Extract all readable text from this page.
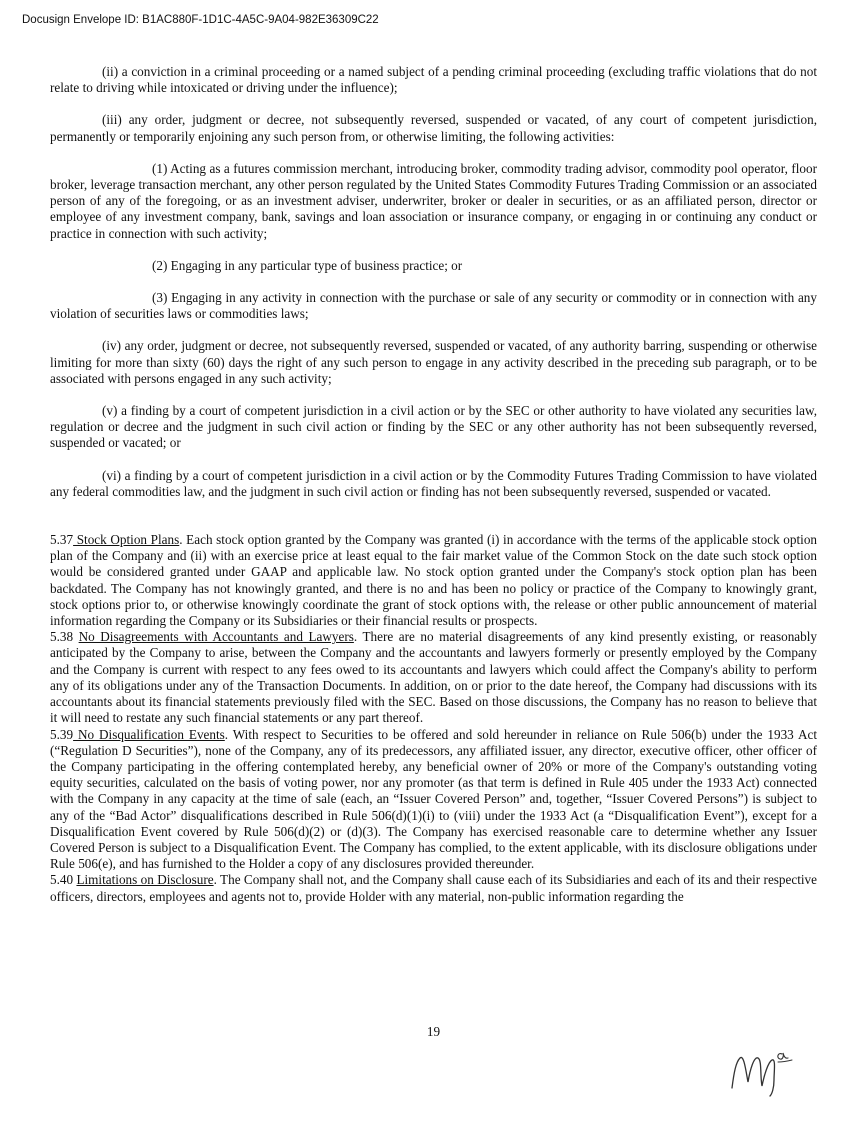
Docusign Envelope ID: B1AC880F-1D1C-4A5C-9A04-982E36309C22

(ii) a conviction in a criminal proceeding or a named subject of a pending criminal proceeding (excluding traffic violations that do not relate to driving while intoxicated or driving under the influence);

(iii) any order, judgment or decree, not subsequently reversed, suspended or vacated, of any court of competent jurisdiction, permanently or temporarily enjoining any such person from, or otherwise limiting, the following activities:

(1) Acting as a futures commission merchant, introducing broker, commodity trading advisor, commodity pool operator, floor broker, leverage transaction merchant, any other person regulated by the United States Commodity Futures Trading Commission or an associated person of any of the foregoing, or as an investment adviser, underwriter, broker or dealer in securities, or as an affiliated person, director or employee of any investment company, bank, savings and loan association or insurance company, or engaging in or continuing any conduct or practice in connection with such activity;

(2) Engaging in any particular type of business practice; or

(3) Engaging in any activity in connection with the purchase or sale of any security or commodity or in connection with any violation of securities laws or commodities laws;

(iv) any order, judgment or decree, not subsequently reversed, suspended or vacated, of any authority barring, suspending or otherwise limiting for more than sixty (60) days the right of any such person to engage in any activity described in the preceding sub paragraph, or to be associated with persons engaged in any such activity;

(v) a finding by a court of competent jurisdiction in a civil action or by the SEC or other authority to have violated any securities law, regulation or decree and the judgment in such civil action or finding by the SEC or any other authority has not been subsequently reversed, suspended or vacated; or

(vi) a finding by a court of competent jurisdiction in a civil action or by the Commodity Futures Trading Commission to have violated any federal commodities law, and the judgment in such civil action or finding has not been subsequently reversed, suspended or vacated.

5.37 Stock Option Plans. Each stock option granted by the Company was granted (i) in accordance with the terms of the applicable stock option plan of the Company and (ii) with an exercise price at least equal to the fair market value of the Common Stock on the date such stock option would be considered granted under GAAP and applicable law. No stock option granted under the Company's stock option plan has been backdated. The Company has not knowingly granted, and there is no and has been no policy or practice of the Company to knowingly grant, stock options prior to, or otherwise knowingly coordinate the grant of stock options with, the release or other public announcement of material information regarding the Company or its Subsidiaries or their financial results or prospects.

5.38 No Disagreements with Accountants and Lawyers. There are no material disagreements of any kind presently existing, or reasonably anticipated by the Company to arise, between the Company and the accountants and lawyers formerly or presently employed by the Company and the Company is current with respect to any fees owed to its accountants and lawyers which could affect the Company's ability to perform any of its obligations under any of the Transaction Documents. In addition, on or prior to the date hereof, the Company had discussions with its accountants about its financial statements previously filed with the SEC. Based on those discussions, the Company has no reason to believe that it will need to restate any such financial statements or any part thereof.

5.39 No Disqualification Events. With respect to Securities to be offered and sold hereunder in reliance on Rule 506(b) under the 1933 Act (“Regulation D Securities”), none of the Company, any of its predecessors, any affiliated issuer, any director, executive officer, other officer of the Company participating in the offering contemplated hereby, any beneficial owner of 20% or more of the Company's outstanding voting equity securities, calculated on the basis of voting power, nor any promoter (as that term is defined in Rule 405 under the 1933 Act) connected with the Company in any capacity at the time of sale (each, an “Issuer Covered Person” and, together, “Issuer Covered Persons”) is subject to any of the “Bad Actor” disqualifications described in Rule 506(d)(1)(i) to (viii) under the 1933 Act (a “Disqualification Event”), except for a Disqualification Event covered by Rule 506(d)(2) or (d)(3). The Company has exercised reasonable care to determine whether any Issuer Covered Person is subject to a Disqualification Event. The Company has complied, to the extent applicable, with its disclosure obligations under Rule 506(e), and has furnished to the Holder a copy of any disclosures provided thereunder.

5.40 Limitations on Disclosure. The Company shall not, and the Company shall cause each of its Subsidiaries and each of its and their respective officers, directors, employees and agents not to, provide Holder with any material, non-public information regarding the

19
